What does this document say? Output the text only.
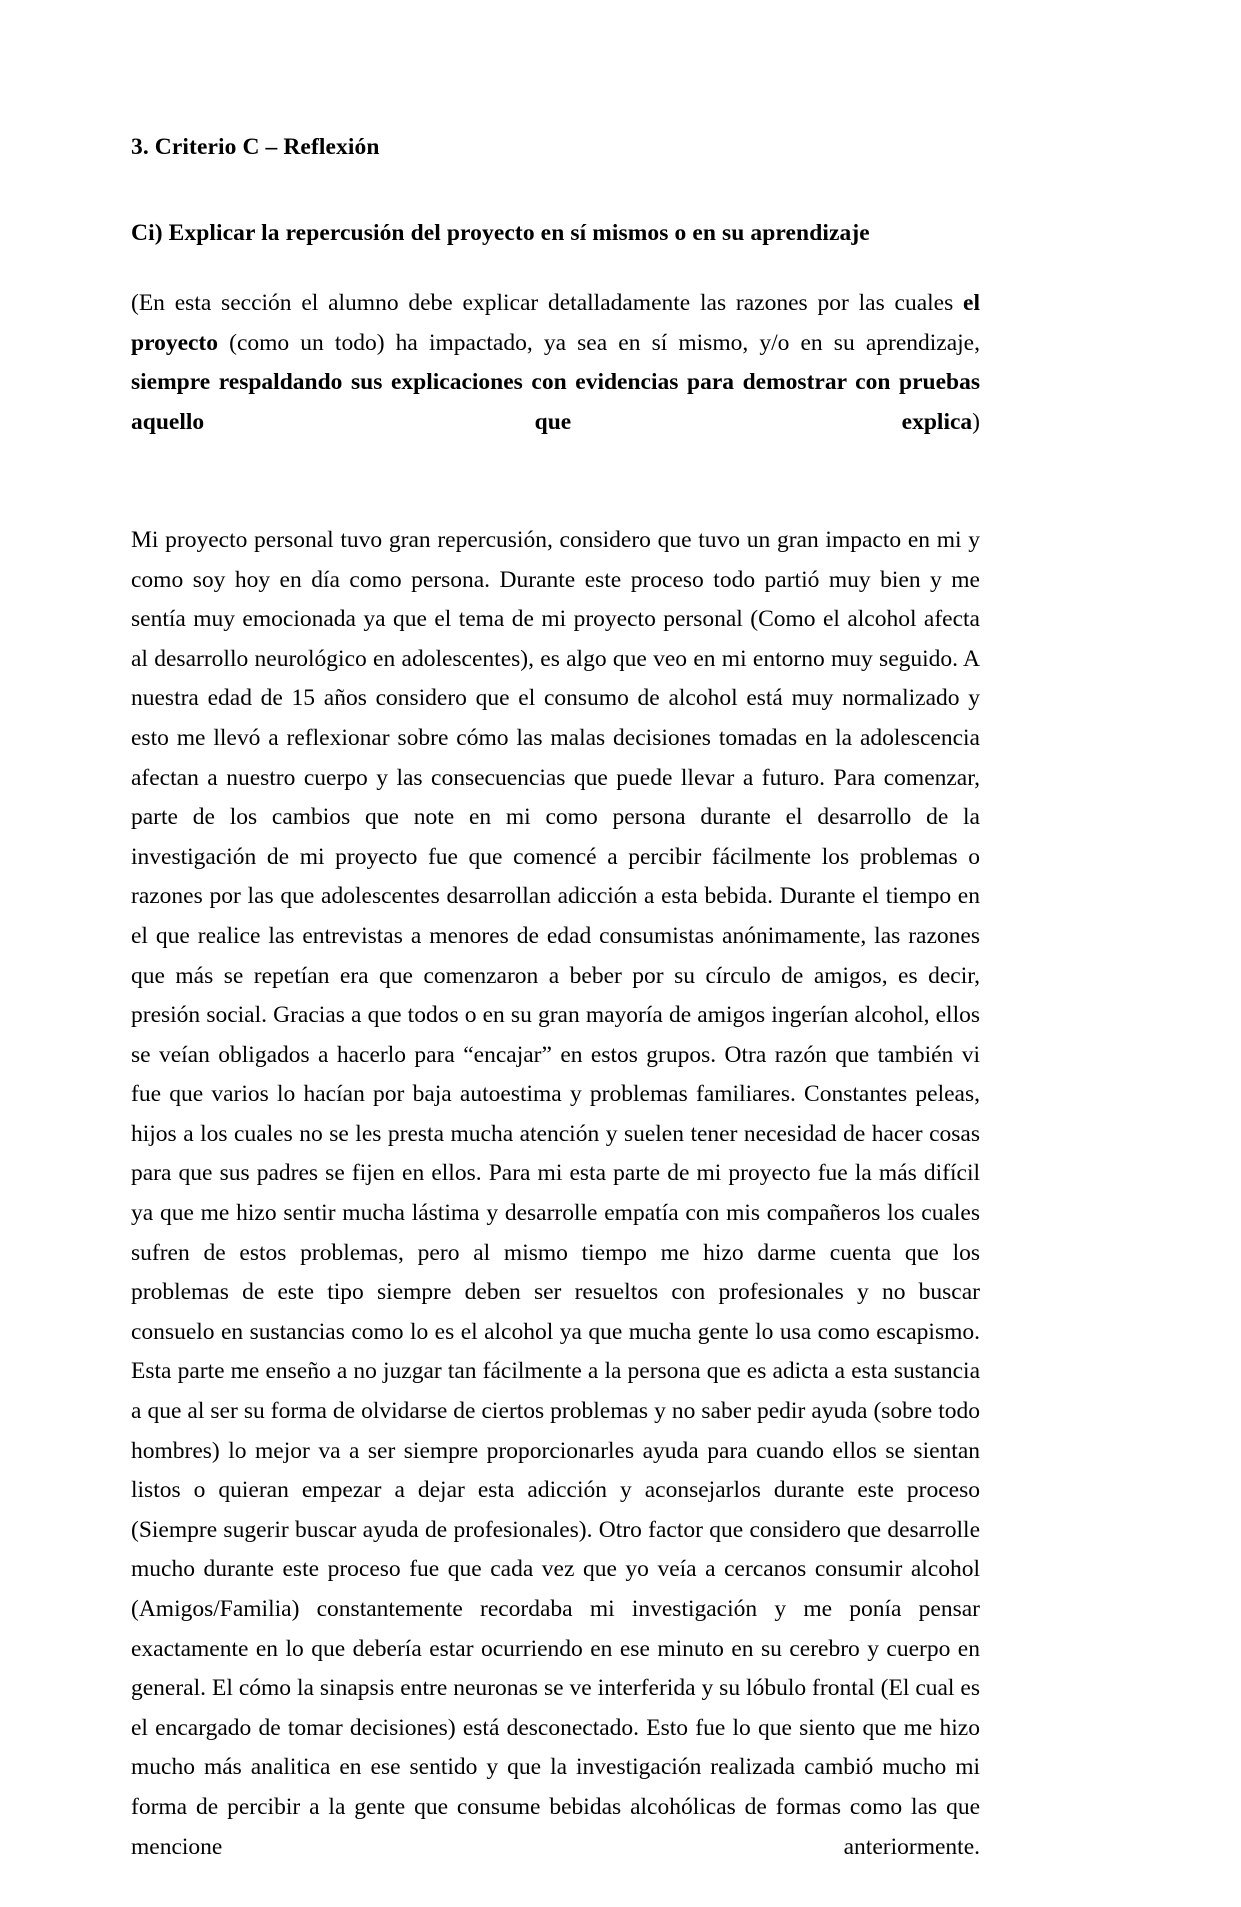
3. Criterio C – Reflexión
Ci) Explicar la repercusión del proyecto en sí mismos o en su aprendizaje

(En esta sección el alumno debe explicar detalladamente las razones por las cuales el proyecto (como un todo) ha impactado, ya sea en sí mismo, y/o en su aprendizaje, siempre respaldando sus explicaciones con evidencias para demostrar con pruebas aquello que explica)

Mi proyecto personal tuvo gran repercusión, considero que tuvo un gran impacto en mi y como soy hoy en día como persona. Durante este proceso todo partió muy bien y me sentía muy emocionada ya que el tema de mi proyecto personal (Como el alcohol afecta al desarrollo neurológico en adolescentes), es algo que veo en mi entorno muy seguido. A nuestra edad de 15 años considero que el consumo de alcohol está muy normalizado y esto me llevó a reflexionar sobre cómo las malas decisiones tomadas en la adolescencia afectan a nuestro cuerpo y las consecuencias que puede llevar a futuro. Para comenzar, parte de los cambios que note en mi como persona durante el desarrollo de la investigación de mi proyecto fue que comencé a percibir fácilmente los problemas o razones por las que adolescentes desarrollan adicción a esta bebida. Durante el tiempo en el que realice las entrevistas a menores de edad consumistas anónimamente, las razones que más se repetían era que comenzaron a beber por su círculo de amigos, es decir, presión social. Gracias a que todos o en su gran mayoría de amigos ingerían alcohol, ellos se veían obligados a hacerlo para “encajar” en estos grupos. Otra razón que también vi fue que varios lo hacían por baja autoestima y problemas familiares. Constantes peleas, hijos a los cuales no se les presta mucha atención y suelen tener necesidad de hacer cosas para que sus padres se fijen en ellos. Para mi esta parte de mi proyecto fue la más difícil ya que me hizo sentir mucha lástima y desarrolle empatía con mis compañeros los cuales sufren de estos problemas, pero al mismo tiempo me hizo darme cuenta que los problemas de este tipo siempre deben ser resueltos con profesionales y no buscar consuelo en sustancias como lo es el alcohol ya que mucha gente lo usa como escapismo. Esta parte me enseño a no juzgar tan fácilmente a la persona que es adicta a esta sustancia a que al ser su forma de olvidarse de ciertos problemas y no saber pedir ayuda (sobre todo hombres) lo mejor va a ser siempre proporcionarles ayuda para cuando ellos se sientan listos o quieran empezar a dejar esta adicción y aconsejarlos durante este proceso (Siempre sugerir buscar ayuda de profesionales). Otro factor que considero que desarrolle mucho durante este proceso fue que cada vez que yo veía a cercanos consumir alcohol (Amigos/Familia) constantemente recordaba mi investigación y me ponía pensar exactamente en lo que debería estar ocurriendo en ese minuto en su cerebro y cuerpo en general. El cómo la sinapsis entre neuronas se ve interferida y su lóbulo frontal (El cual es el encargado de tomar decisiones) está desconectado. Esto fue lo que siento que me hizo mucho más analitica en ese sentido y que la investigación realizada cambió mucho mi forma de percibir a la gente que consume bebidas alcohólicas de formas como las que mencione anteriormente.
